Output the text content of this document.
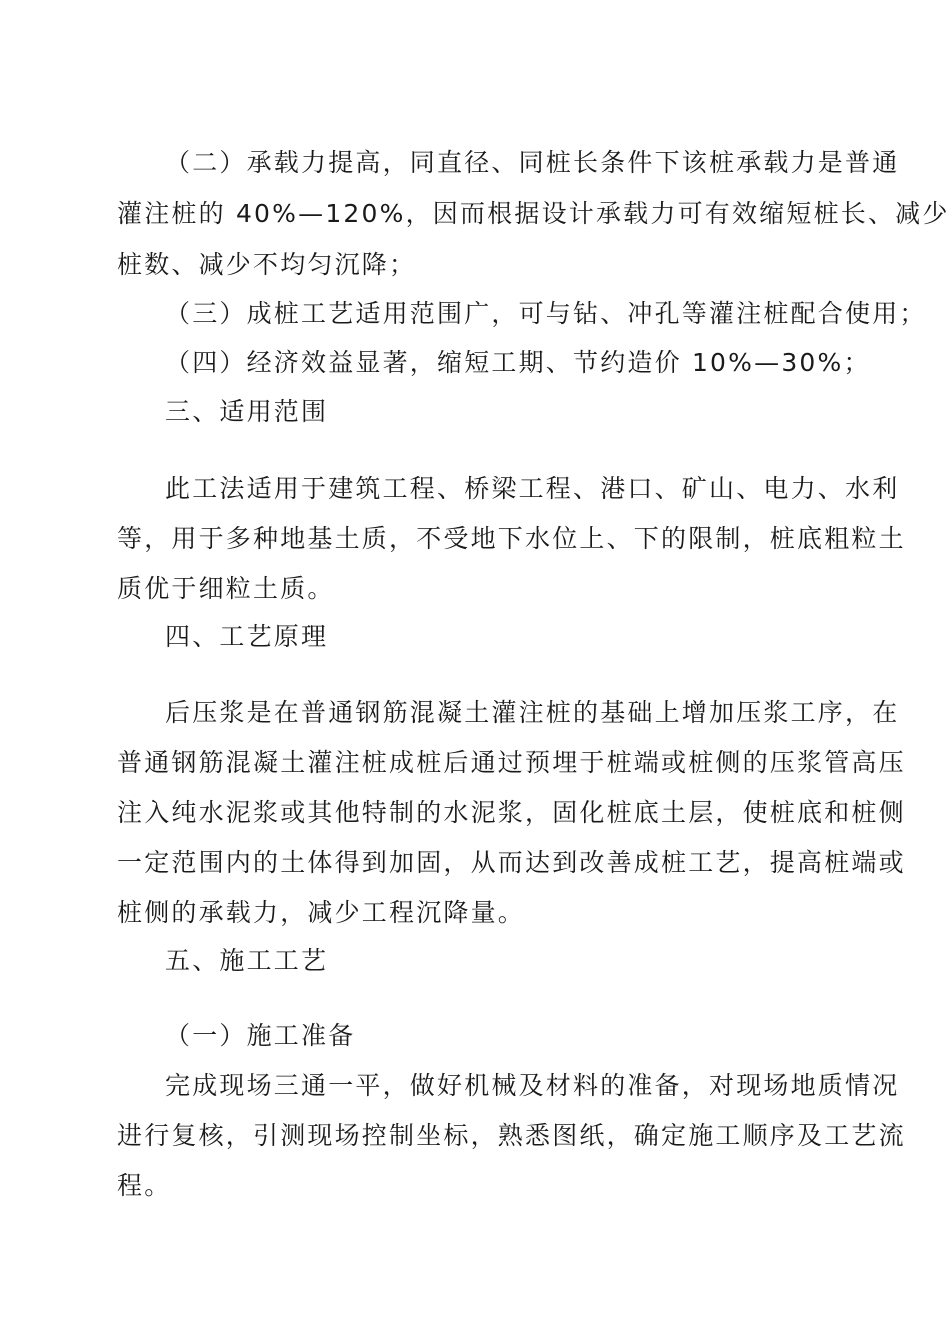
（二）承载力提高，同直径、同桩长条件下该桩承载力是普通
灌注桩的 40%—120%，因而根据设计承载力可有效缩短桩长、减少
桩数、减少不均匀沉降；
（三）成桩工艺适用范围广，可与钻、冲孔等灌注桩配合使用；
（四）经济效益显著，缩短工期、节约造价 10%—30%；
三、适用范围
此工法适用于建筑工程、桥梁工程、港口、矿山、电力、水利
等，用于多种地基土质，不受地下水位上、下的限制，桩底粗粒土
质优于细粒土质。
四、工艺原理
后压浆是在普通钢筋混凝土灌注桩的基础上增加压浆工序，在
普通钢筋混凝土灌注桩成桩后通过预埋于桩端或桩侧的压浆管高压
注入纯水泥浆或其他特制的水泥浆，固化桩底土层，使桩底和桩侧
一定范围内的土体得到加固，从而达到改善成桩工艺，提高桩端或
桩侧的承载力，减少工程沉降量。
五、施工工艺
（一）施工准备
完成现场三通一平，做好机械及材料的准备，对现场地质情况
进行复核，引测现场控制坐标，熟悉图纸，确定施工顺序及工艺流
程。
